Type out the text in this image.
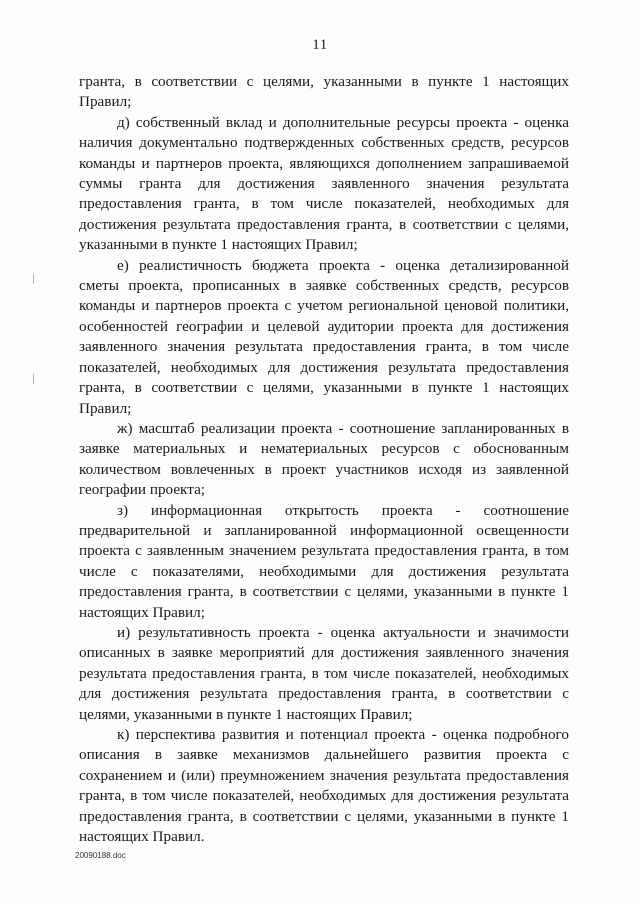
11

гранта, в соответствии с целями, указанными в пункте 1 настоящих Правил;

д) собственный вклад и дополнительные ресурсы проекта - оценка наличия документально подтвержденных собственных средств, ресурсов команды и партнеров проекта, являющихся дополнением запрашиваемой суммы гранта для достижения заявленного значения результата предоставления гранта, в том числе показателей, необходимых для достижения результата предоставления гранта, в соответствии с целями, указанными в пункте 1 настоящих Правил;

е) реалистичность бюджета проекта - оценка детализированной сметы проекта, прописанных в заявке собственных средств, ресурсов команды и партнеров проекта с учетом региональной ценовой политики, особенностей географии и целевой аудитории проекта для достижения заявленного значения результата предоставления гранта, в том числе показателей, необходимых для достижения результата предоставления гранта, в соответствии с целями, указанными в пункте 1 настоящих Правил;

ж) масштаб реализации проекта - соотношение запланированных в заявке материальных и нематериальных ресурсов с обоснованным количеством вовлеченных в проект участников исходя из заявленной географии проекта;

з) информационная открытость проекта - соотношение предварительной и запланированной информационной освещенности проекта с заявленным значением результата предоставления гранта, в том числе с показателями, необходимыми для достижения результата предоставления гранта, в соответствии с целями, указанными в пункте 1 настоящих Правил;

и) результативность проекта - оценка актуальности и значимости описанных в заявке мероприятий для достижения заявленного значения результата предоставления гранта, в том числе показателей, необходимых для достижения результата предоставления гранта, в соответствии с целями, указанными в пункте 1 настоящих Правил;

к) перспектива развития и потенциал проекта - оценка подробного описания в заявке механизмов дальнейшего развития проекта с сохранением и (или) преумножением значения результата предоставления гранта, в том числе показателей, необходимых для достижения результата предоставления гранта, в соответствии с целями, указанными в пункте 1 настоящих Правил.

20090188.doc
